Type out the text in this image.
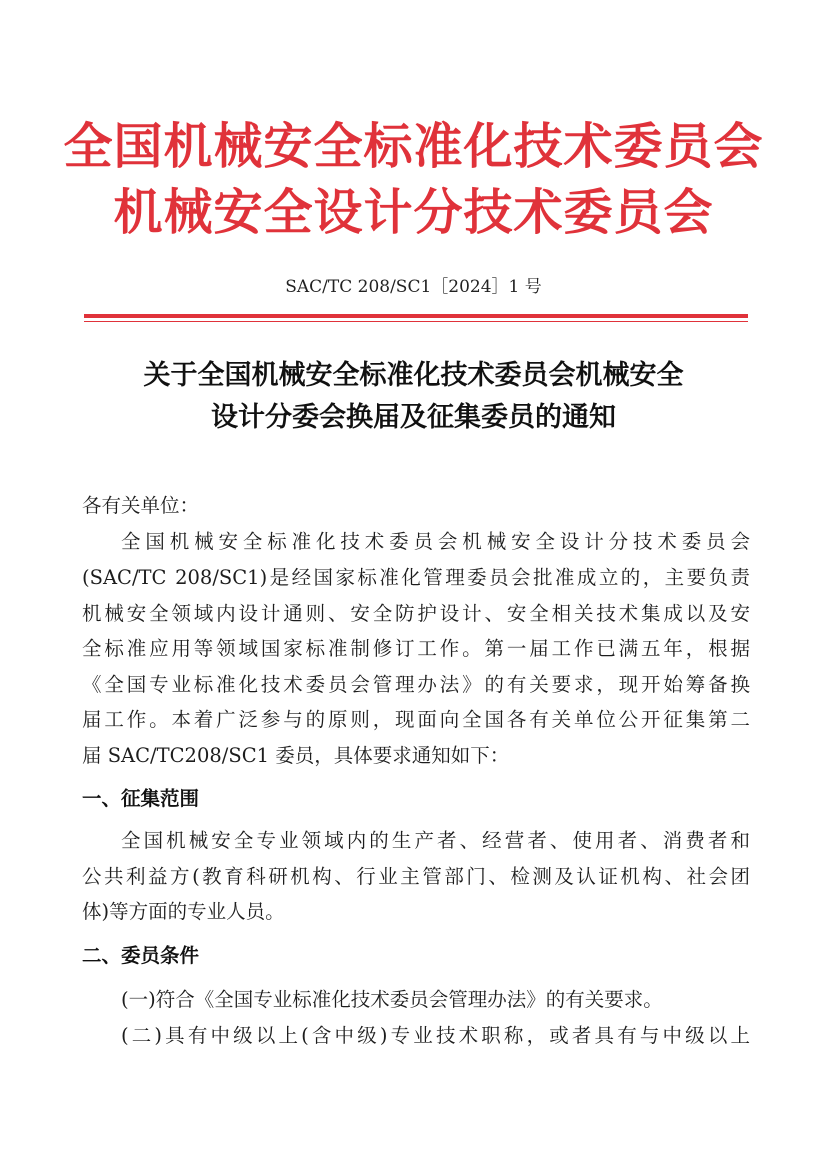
全国机械安全标准化技术委员会
机械安全设计分技术委员会
SAC/TC 208/SC1［2024］1 号
关于全国机械安全标准化技术委员会机械安全
设计分委会换届及征集委员的通知
各有关单位：
全国机械安全标准化技术委员会机械安全设计分技术委员会
(SAC/TC 208/SC1)是经国家标准化管理委员会批准成立的，主要负责
机械安全领域内设计通则、安全防护设计、安全相关技术集成以及安
全标准应用等领域国家标准制修订工作。第一届工作已满五年，根据
《全国专业标准化技术委员会管理办法》的有关要求，现开始筹备换
届工作。本着广泛参与的原则，现面向全国各有关单位公开征集第二
届 SAC/TC208/SC1 委员，具体要求通知如下：
一、征集范围
全国机械安全专业领域内的生产者、经营者、使用者、消费者和
公共利益方(教育科研机构、行业主管部门、检测及认证机构、社会团
体)等方面的专业人员。
二、委员条件
(一)符合《全国专业标准化技术委员会管理办法》的有关要求。
(二)具有中级以上(含中级)专业技术职称，或者具有与中级以上
